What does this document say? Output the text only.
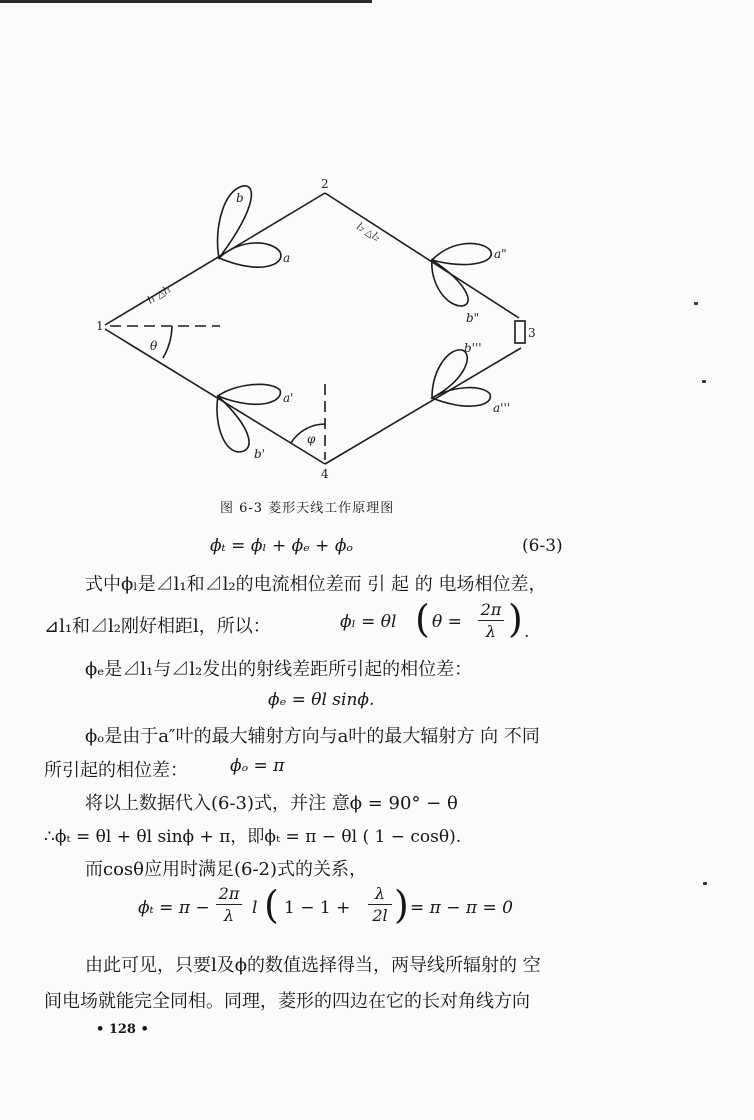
1
2
3
4
b
a	a"
b"
a'
b'
b'''
a'''
l₁ △l₁
l₂ △l₂
θ
φ
图 6-3 菱形天线工作原理图
ϕₜ = ϕₗ + ϕₑ + ϕₒ	(6-3)
式中ϕₗ是⊿l₁和⊿l₂的电流相位差而 引 起 的 电场相位差，
⊿l₁和⊿l₂刚好相距l，所以：	ϕₗ = θl ( θ =
2π
λ ) .
ϕₑ是⊿l₁与⊿l₂发出的射线差距所引起的相位差：
ϕₑ = θl sinϕ.
ϕₒ是由于a″叶的最大辅射方向与a叶的最大辐射方 向 不同
所引起的相位差： ϕₒ = π
将以上数据代入(6-3)式，并注 意ϕ = 90° − θ
∴ϕₜ = θl + θl sinϕ + π，即ϕₜ = π − θl ( 1 − cosθ).
而cosθ应用时满足(6-2)式的关系，
ϕₜ = π −
2π
λ	l ( 1 − 1 +
λ
2l ) = π − π = 0
由此可见，只要l及ϕ的数值选择得当，两导线所辐射的 空
间电场就能完全同相。同理，菱形的四边在它的长对角线方向
• 128 •
